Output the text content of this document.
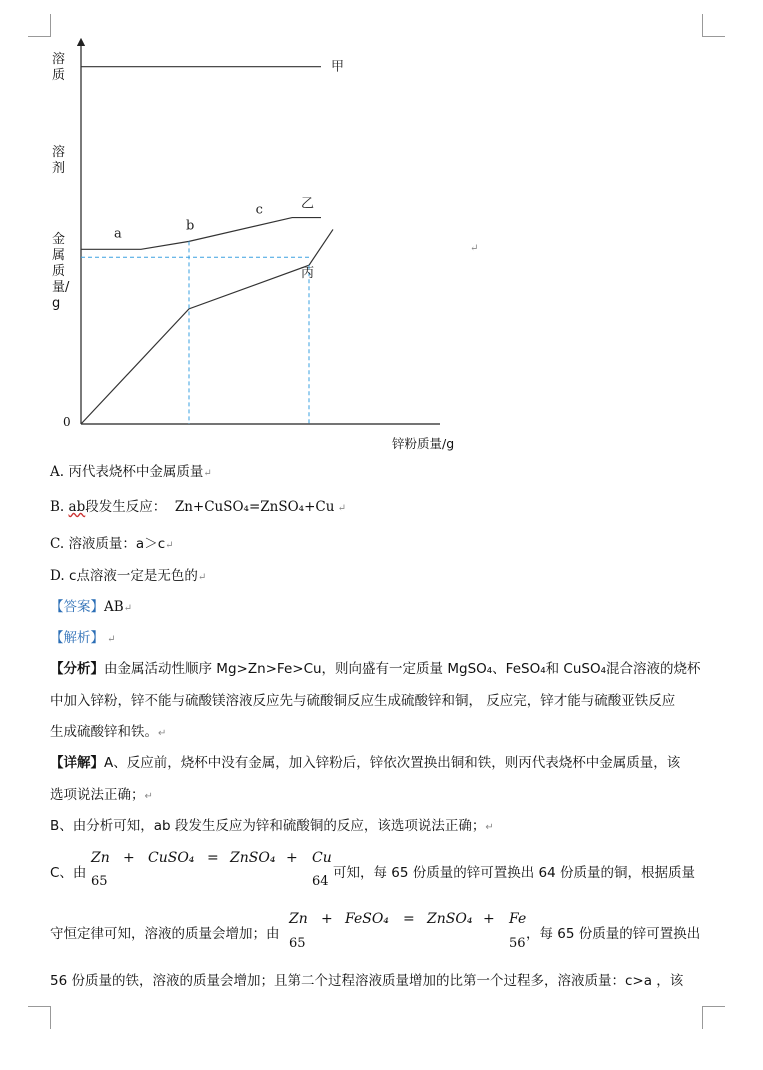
甲
乙
丙
a
b
c
溶质
溶剂
金属质量/g
0
锌粉质量/g
A. 丙代表烧杯中金属质量↵
B. ab段发生反应： Zn+CuSO₄=ZnSO₄+Cu ↵
C. 溶液质量：a＞c↵
D. c点溶液一定是无色的↵
【答案】AB↵
【解析】 ↵
【分析】由金属活动性顺序 Mg>Zn>Fe>Cu，则向盛有一定质量 MgSO₄、FeSO₄和 CuSO₄混合溶液的烧杯
中加入锌粉，锌不能与硫酸镁溶液反应先与硫酸铜反应生成硫酸锌和铜， 反应完，锌才能与硫酸亚铁反应
生成硫酸锌和铁。↵
【详解】A、反应前，烧杯中没有金属，加入锌粉后，锌依次置换出铜和铁，则丙代表烧杯中金属质量，该
选项说法正确；↵
B、由分析可知，ab 段发生反应为锌和硫酸铜的反应，该选项说法正确；↵
C、由
Zn + CuSO₄ = ZnSO₄ + Cu
65	64
可知，每 65 份质量的锌可置换出 64 份质量的铜，根据质量
守恒定律可知，溶液的质量会增加；由
Zn + FeSO₄ = ZnSO₄ + Fe
65	56
，每 65 份质量的锌可置换出
56 份质量的铁，溶液的质量会增加；且第二个过程溶液质量增加的比第一个过程多，溶液质量：c>a ，该
↵
